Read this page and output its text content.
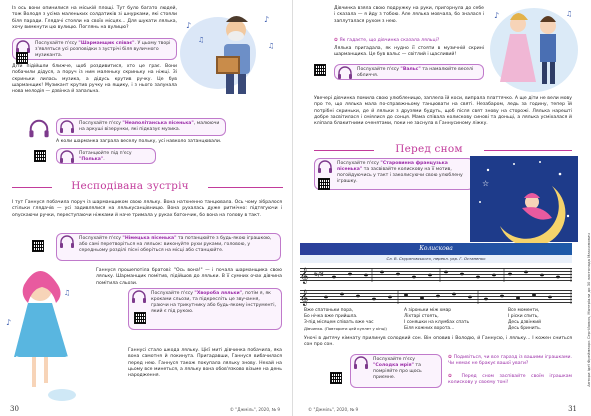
♪
♫
♪
♫
Із ось вони опинилися на міській площі. Тут було багато людей, тож Володя з усіма маленьких солдатиків зі шнурками, які стояли біля паради. Глядачі стояли на своїх місцях... Для шукати лялька, хочу вимкнути цю вулицю. Поглянь на вулицю?
Послухайте п'єсу "Шарманщик співає". У цьому творі з'являться усі розповідки з зустрічі біля вуличного музиканта.
Діти підійшли ближче, щоб роздивитися, хто це грає. Вони побачили дідуся, а поруч із ним маленьку скриньку на ніжці. Зі скриньки лилась музика, а дідусь крутив ручку. Це був шарманщик! Музикант крутив ручку на ящику, і з нього залунала нова мелодія — дзвінка й запальна.
Послухайте п'єсу "Неаполітанська пісенька", малюючи на аркуші візерунки, які підказує музика.
А коли шарманка заграла веселу польку, усі навколо затанцювали.
Потанцюйте під п'єсу "Полька".
Несподівана зустріч
І тут Ганнуся побачила поруч із шарманщиком свою ляльку. Вона натхненно танцювала. Ось чому зібралося стільки глядачів — усі задивлялися на лялькусанцівницю. Вона рухалась дуже ритмічно: підтягуючи і опускаючи ручки, переступаючи ніжками й наче тримала у руках батончик, бо вона на голову в такт.
Послухайте п'єсу "Німецька пісенька" та потанцюйте з будь-якою іграшкою, або самі перетворіться на ляльок: виконуйте рухи руками, головою, у середньому розділі пісні оберіться на місці або станцюйте.
♪
♫
Ганнуся прошепотіла братові: "Ось вона!" — і почала шарманщика свою ляльку. Шарманщик помітив, підійшов до ляльки. В її сумних очах дівчина помітила сльози.
Послухайте п'єсу "Хвороба ляльки", потім я, як кроками сльози, та підкресліть це звучання, граючи на трикутнику або будь-якому інструменті, який є під рукою.
Ганнусі стало шкода ляльку. Цієї миті дівчинка побачила, яка вона самотня й покинута. Пригадавши, Ганнуся вибачилася перед нею. Ганнуся також покупала ляльку знову. Нехай на цьому все минеться, а ляльку вона обов'язково візьме на день народження.
30	© "Джміль", 2020, № 9
Дівчинка взяла свою подружку на руки, пригорнула до себе і сказала — я йду з тобою. Але лялька мовчала, бо зналася і заплуталася рухом з нею.
✿ Як гадаєте, що дівчинка сказала ляльці?
Лялька пригадала, як нудно її стояти в музичній скрині шарманщика. Це був вальс — світлий і щасливий!
Послухайте п'єсу "Вальс" та намалюйте веселі обличчя.
♪	♫
Увечері дівчинка помила свою улюбленицю, заплела їй коси, випрала платтячко. А ще діти не вели мову про те, що лялька мала по-справжньому танцювати на святі. Незабаром, ледь за годину, тепер їй потрібні скриньки, де й ляльки з друзями будуть, щоб після свят знову на сторожі. Лялька нарешті добре засвітилася і сміялися до сонця. Мама співала колискову синові та доньці, а лялька усміхалася й кліпала блакитними оченятами, поки не заснула в Ганнусиному ліжку.
Перед сном
Послухайте п'єсу "Старовинна французька пісенька" та засвівайте колискову на її мотив, погойдуючись у такт і заколисуючи свою улюблену іграшку.	☆
Колискова
Сл. В. Скуратовського, перекл. укр. Г. Остапенко
𝄞 6/8
𝄞
Вже спатоньки пора,
Бо нічка вже прийшла.
З-під місяцем співать вже час
Дівчинка. (Повторити цей куплет у кінці)
А зіроньки між хмар
Ліхтарі стоять,
І соняшки на клумбах спать
Біля кожних ворота...
Все моменти,
І ріски спить,
Десь дзвінкий
Десь бринить.
Уночі в дитячу кімнату прилинув солодкий сон. Він оповив і Володю, й Ганнусю, і ляльку... І кожен сниться сон про сон.
Послухайте п'єсу "Солодка мрія" та помріяйте про щось приємне.
✿ Подивіться, чи все гаразд із вашими іграшками. Чи немає не бракує вашої уваги?
✿ Перед сном заспівайте своїм іграшкам колискову у своєму тоні!
© "Джміль", 2020, № 9	31
Автори ідеї Фреймворк Сергійович, Матеріали до 30 листопада Максимович
